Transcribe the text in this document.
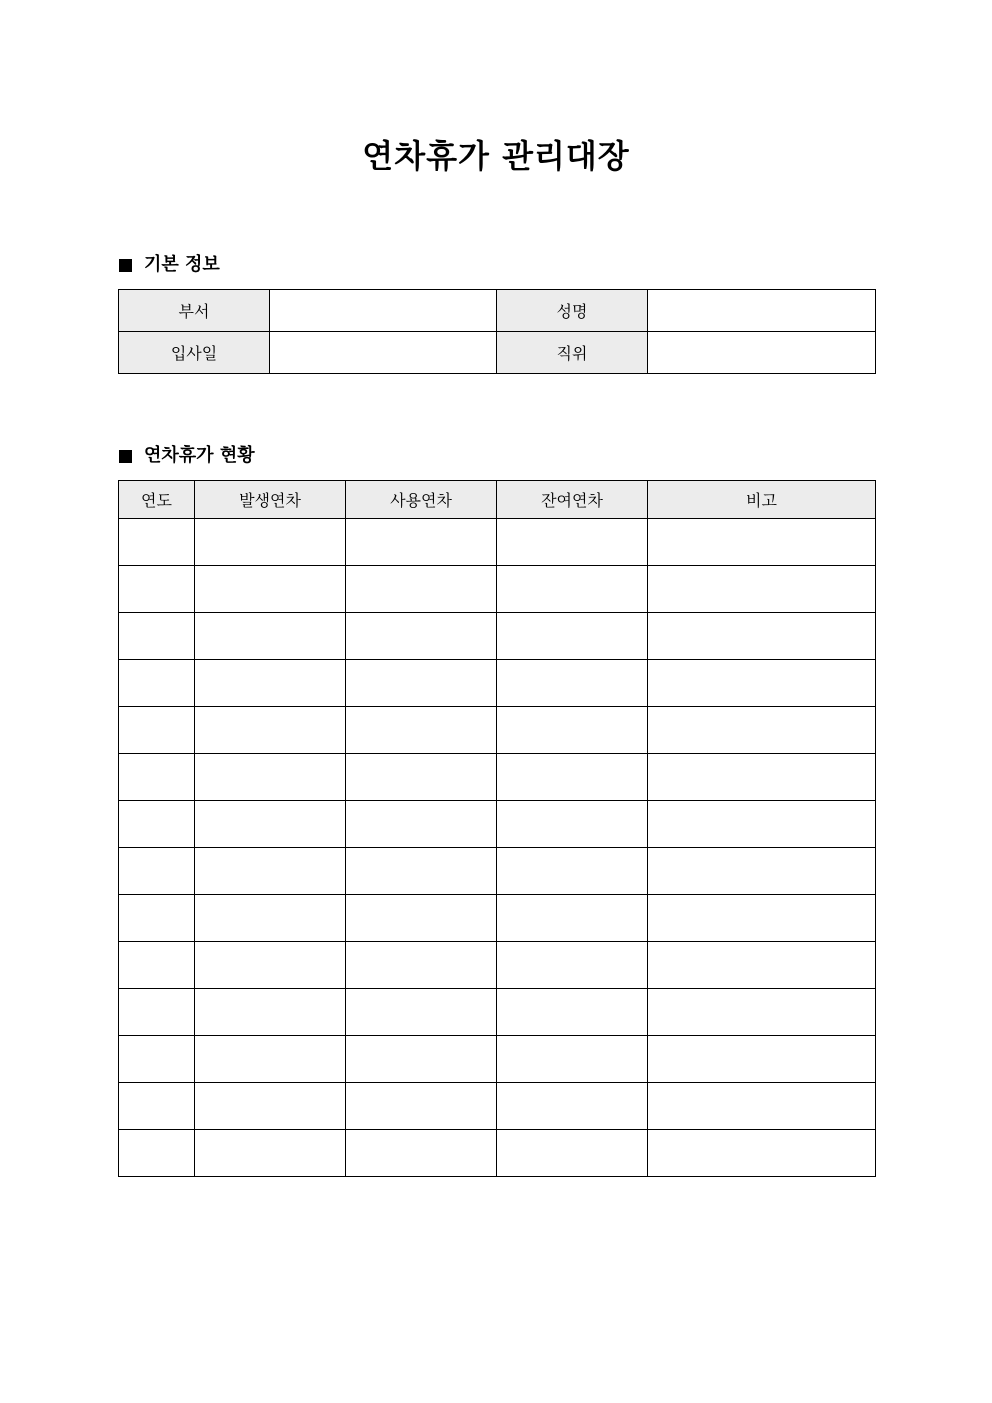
연차휴가 관리대장
기본 정보
부서		성명	
입사일		직위	
연차휴가 현황
연도	발생연차	사용연차	잔여연차	비고
